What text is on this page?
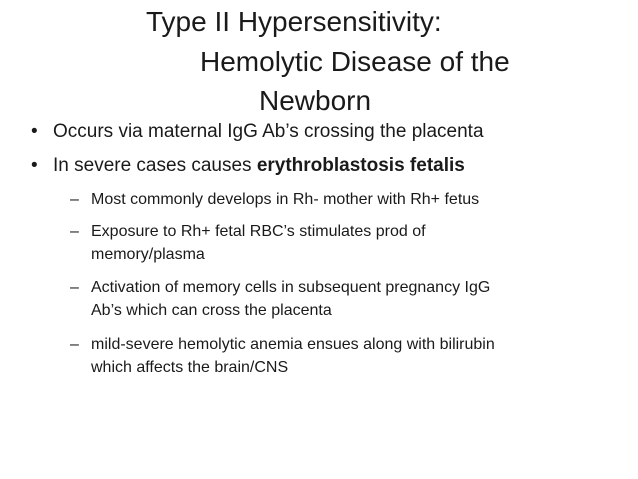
Type II Hypersensitivity:
Hemolytic Disease of the
Newborn
• Occurs via maternal IgG Ab’s crossing the placenta
• In severe cases causes erythroblastosis fetalis
– Most commonly develops in Rh- mother with Rh+ fetus
– Exposure to Rh+ fetal RBC’s stimulates prod of
memory/plasma
– Activation of memory cells in subsequent pregnancy IgG
Ab’s which can cross the placenta
– mild-severe hemolytic anemia ensues along with bilirubin
which affects the brain/CNS
